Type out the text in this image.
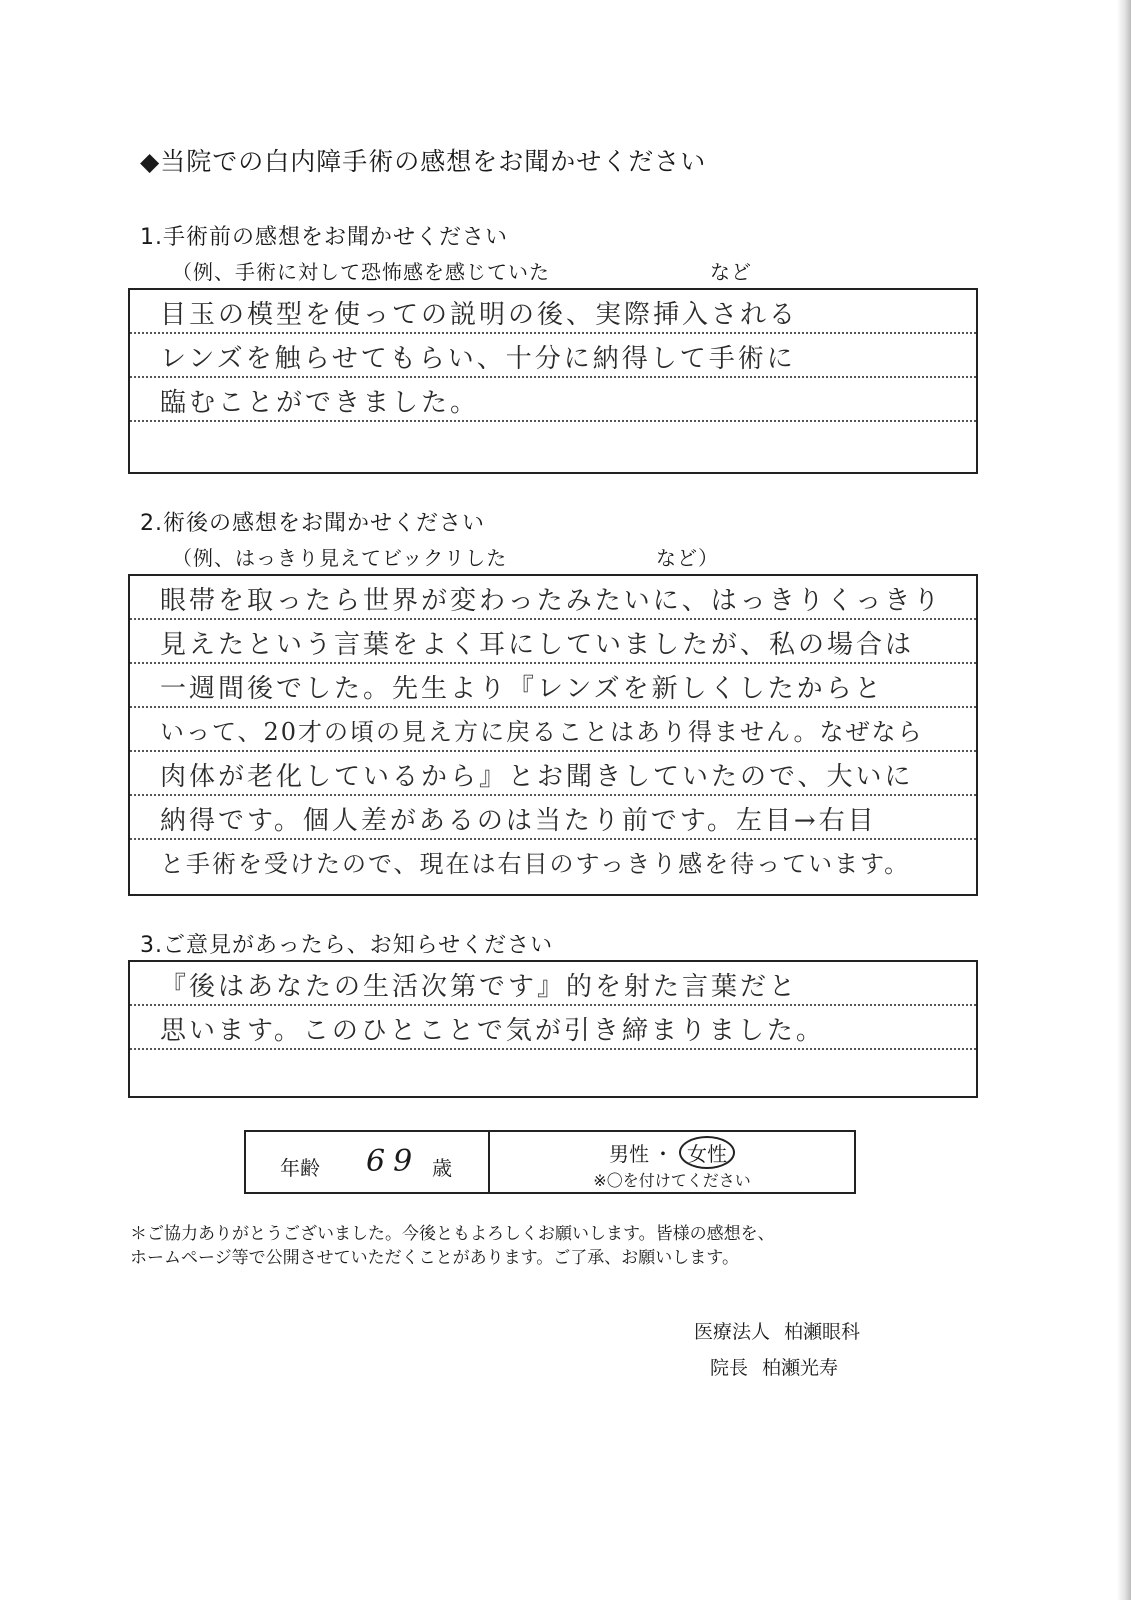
◆当院での白内障手術の感想をお聞かせください
1.手術前の感想をお聞かせください
（例、手術に対して恐怖感を感じていた	など
目玉の模型を使っての説明の後、実際挿入される
レンズを触らせてもらい、十分に納得して手術に
臨むことができました。
2.術後の感想をお聞かせください
（例、はっきり見えてビックリした	など）
眼帯を取ったら世界が変わったみたいに、はっきりくっきり
見えたという言葉をよく耳にしていましたが、私の場合は
一週間後でした。先生より『レンズを新しくしたからと
いって、20才の頃の見え方に戻ることはあり得ません。なぜなら
肉体が老化しているから』とお聞きしていたので、大いに
納得です。個人差があるのは当たり前です。左目→右目
と手術を受けたので、現在は右目のすっきり感を待っています。
3.ご意見があったら、お知らせください
『後はあなたの生活次第です』的を射た言葉だと
思います。このひとことで気が引き締まりました。
年齢 69 歳
男性 ・ 女性
※〇を付けてください

＊ご協力ありがとうございました。今後ともよろしくお願いします。皆様の感想を、

ホームページ等で公開させていただくことがあります。ご了承、お願いします。

医療法人 柏瀬眼科
院長 柏瀬光寿
